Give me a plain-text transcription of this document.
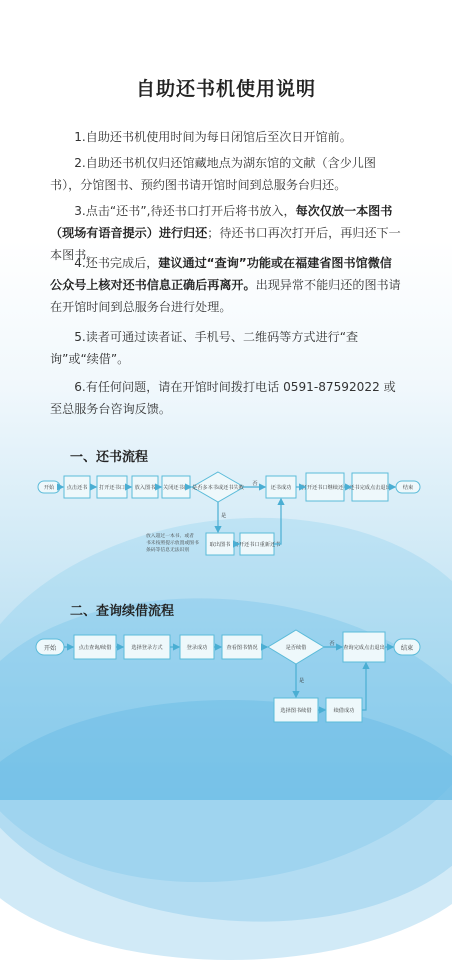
自助还书机使用说明

1.自助还书机使用时间为每日闭馆后至次日开馆前。

2.自助还书机仅归还馆藏地点为湖东馆的文献（含少儿图书），分馆图书、预约图书请开馆时间到总服务台归还。

3.点击“还书”,待还书口打开后将书放入，每次仅放一本图书（现场有语音提示）进行归还；待还书口再次打开后，再归还下一本图书。

4.还书完成后，建议通过“查询”功能或在福建省图书馆微信公众号上核对还书信息正确后再离开。出现异常不能归还的图书请在开馆时间到总服务台进行处理。

5.读者可通过读者证、手机号、二维码等方式进行“查询”或“续借”。

6.有任何问题，请在开馆时间拨打电话 0591-87592022 或至总服务台咨询反馈。

一、还书流程
二、查询续借流程
开始 点击还书 打开还书口 放入图书 关闭还书口 是否多本书或还书失败
否
是
还书成功 打开还书口继续还书 还书完成点击退出 结束
取出图书 打开还书口重新还书
放入超过一本书、或者
书未按照提示放置或图书
条码等信息无法识别
开始	点击查询/续借	选择登录方式	登录成功	查看图书情况	是否续借
否
是
查询完成点击退出	结束
选择图书续借	续借成功
